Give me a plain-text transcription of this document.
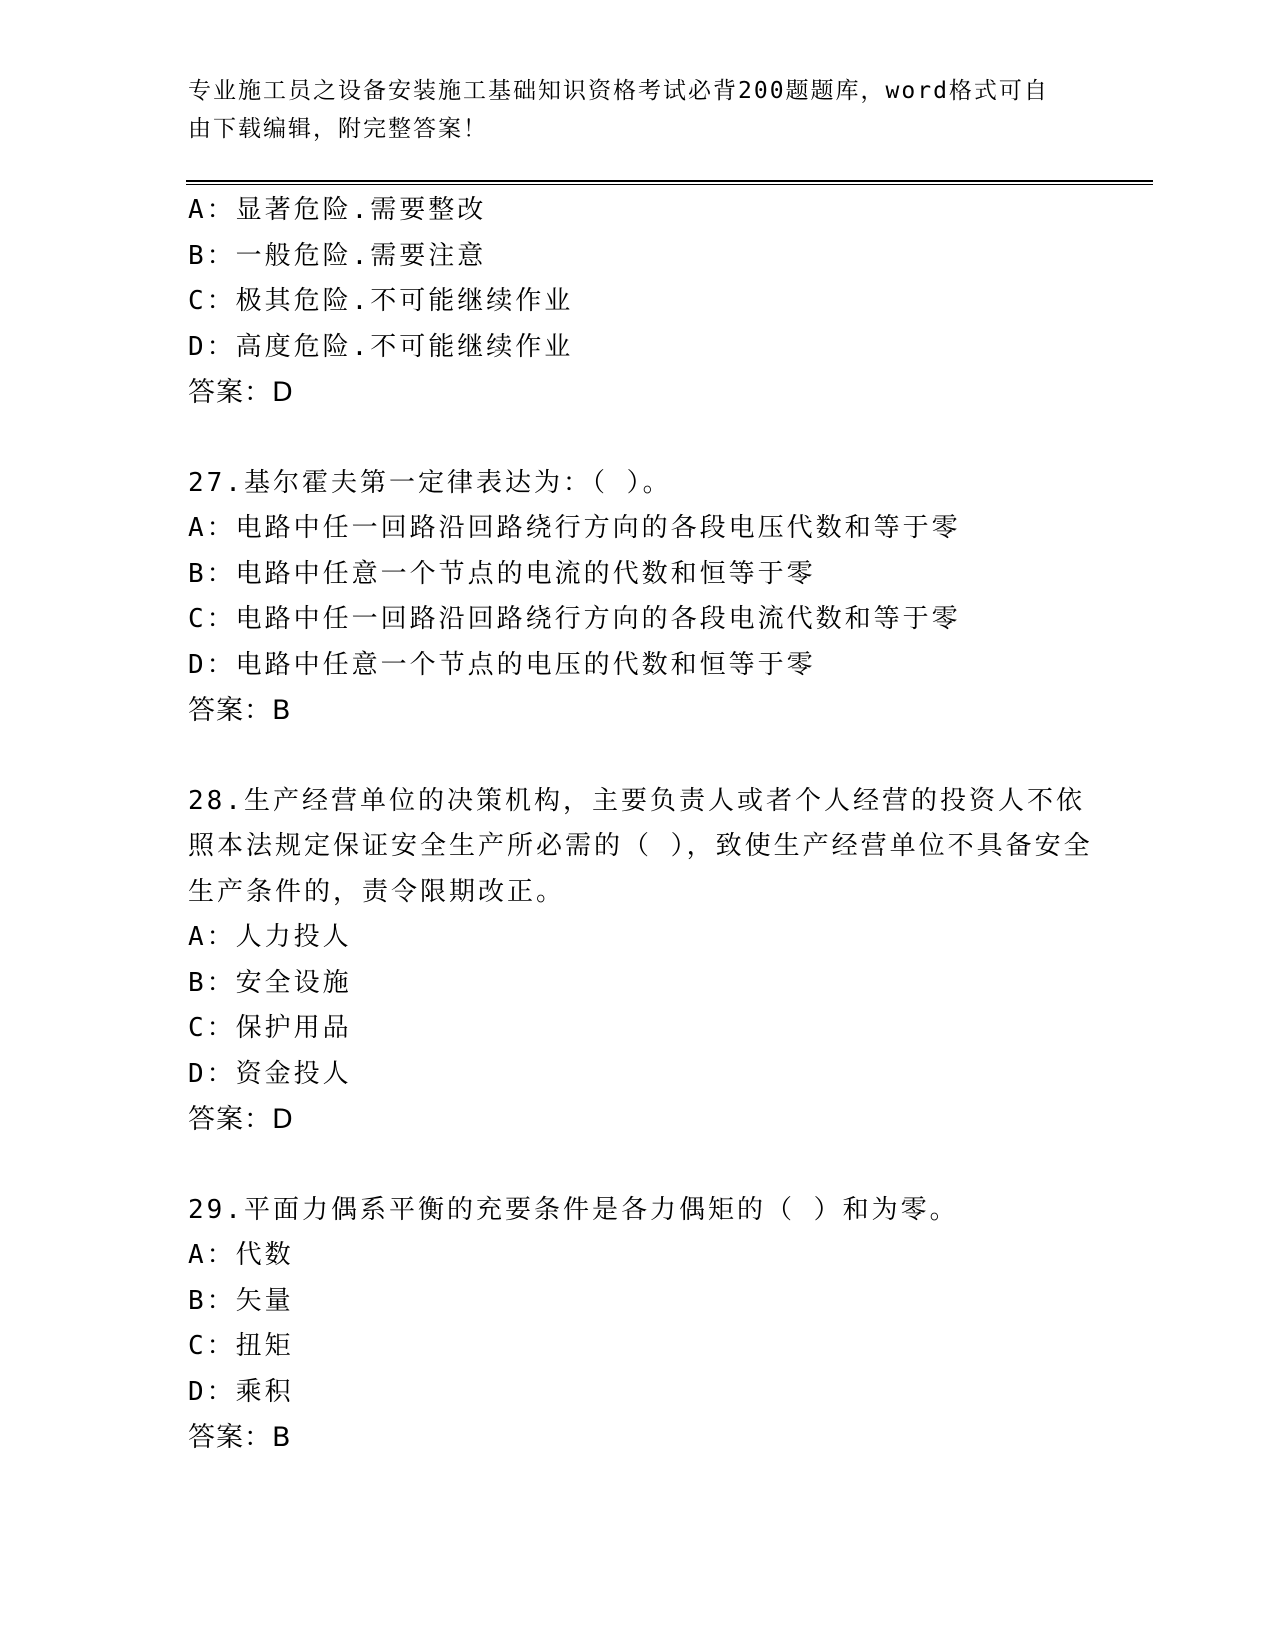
专业施工员之设备安装施工基础知识资格考试必背200题题库，word格式可自由下载编辑，附完整答案！
A：显著危险.需要整改
B：一般危险.需要注意
C：极其危险.不可能继续作业
D：高度危险.不可能继续作业
答案：D
27.基尔霍夫第一定律表达为：（ ）。
A：电路中任一回路沿回路绕行方向的各段电压代数和等于零
B：电路中任意一个节点的电流的代数和恒等于零
C：电路中任一回路沿回路绕行方向的各段电流代数和等于零
D：电路中任意一个节点的电压的代数和恒等于零
答案：B
28.生产经营单位的决策机构，主要负责人或者个人经营的投资人不依照本法规定保证安全生产所必需的（ ），致使生产经营单位不具备安全生产条件的，责令限期改正。
A：人力投人
B：安全设施
C：保护用品
D：资金投人
答案：D
29.平面力偶系平衡的充要条件是各力偶矩的（ ）和为零。
A：代数
B：矢量
C：扭矩
D：乘积
答案：B
